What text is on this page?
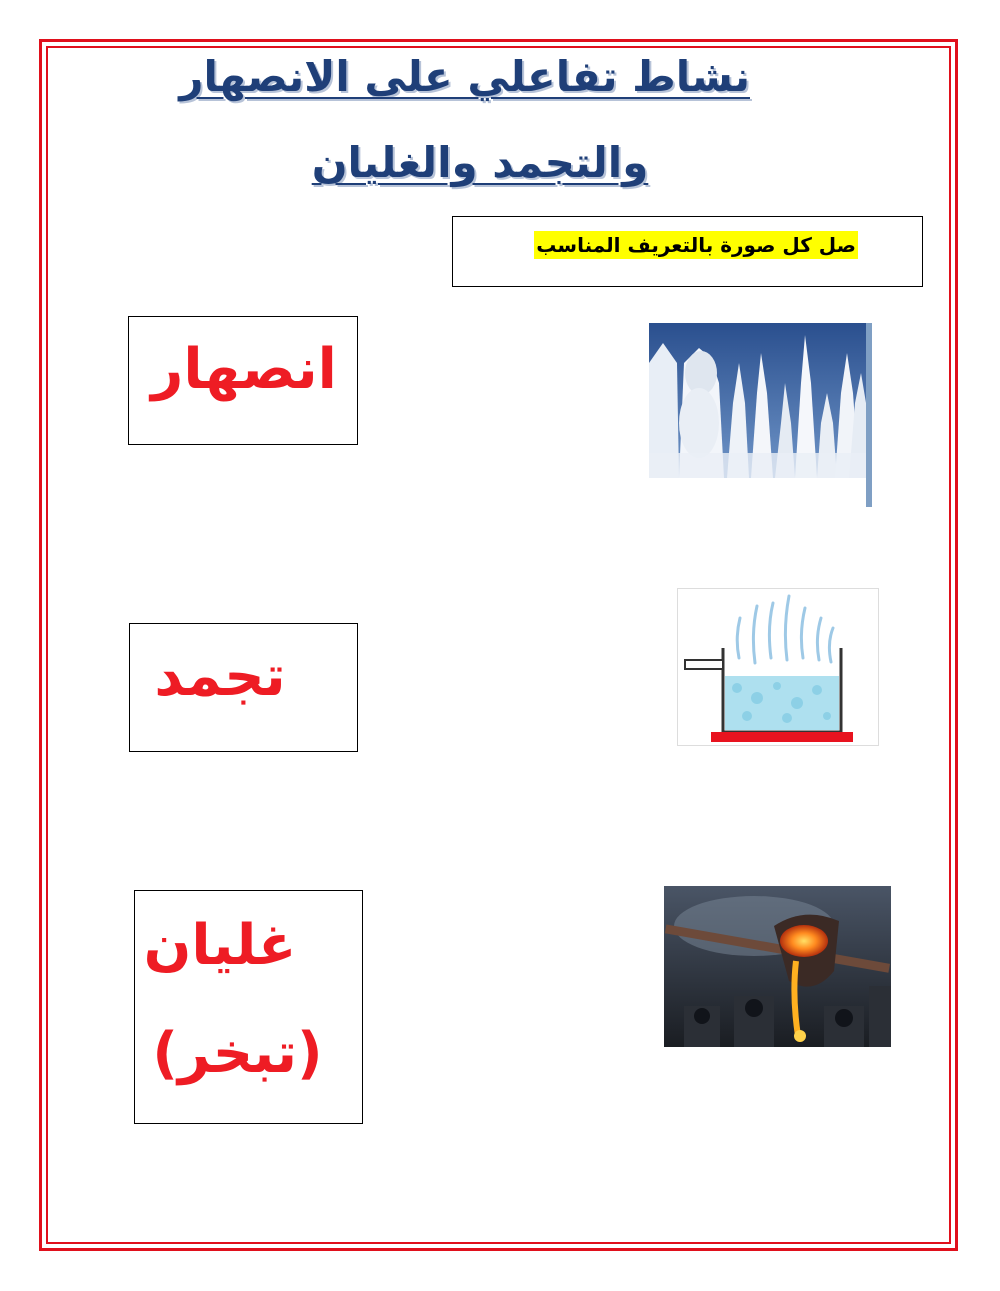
نشاط تفاعلي على الانصهار
والتجمد والغليان
صل كل صورة بالتعريف المناسب
انصهار
تجمد
غليان
(تبخر)
